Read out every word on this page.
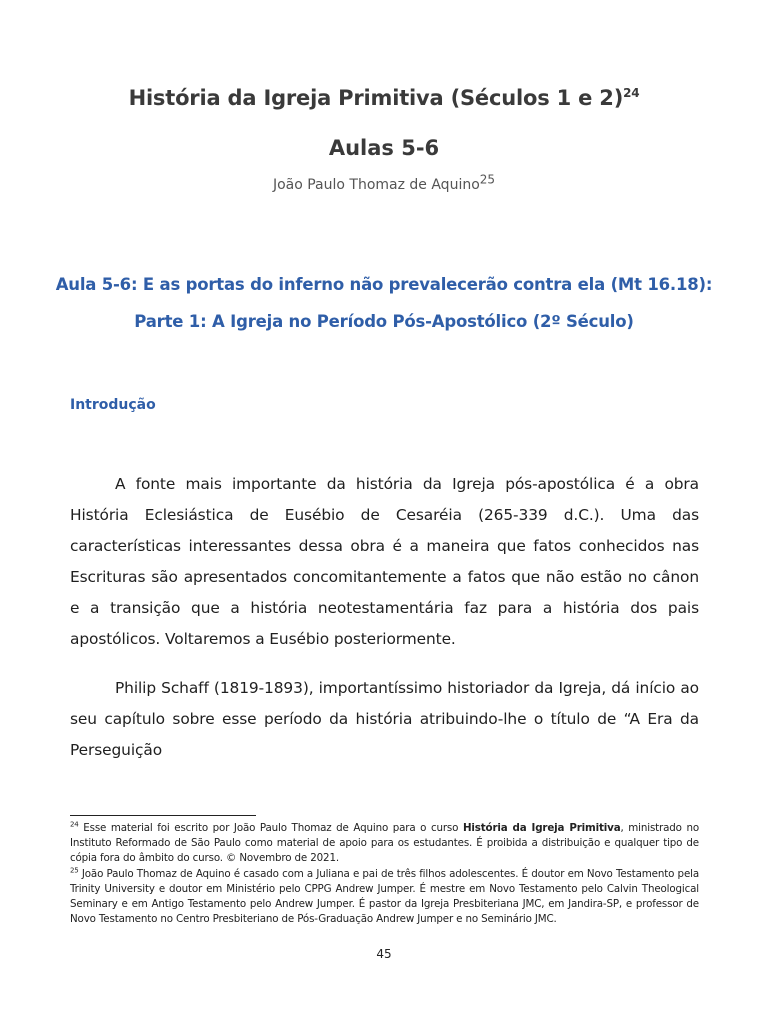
História da Igreja Primitiva (Séculos 1 e 2)$^{24}$
Aulas 5-6
João Paulo Thomaz de Aquino$^{25}$
Aula 5-6: E as portas do inferno não prevalecerão contra ela (Mt 16.18):
Parte 1: A Igreja no Período Pós-Apostólico (2º Século)
Introdução
A fonte mais importante da história da Igreja pós-apostólica é a obra História Eclesiástica de Eusébio de Cesaréia (265-339 d.C.). Uma das características interessantes dessa obra é a maneira que fatos conhecidos nas Escrituras são apresentados concomitantemente a fatos que não estão no cânon e a transição que a história neotestamentária faz para a história dos pais apostólicos. Voltaremos a Eusébio posteriormente.
Philip Schaff (1819-1893), importantíssimo historiador da Igreja, dá início ao seu capítulo sobre esse período da história atribuindo-lhe o título de “A Era da Perseguição

$^{24}$ Esse material foi escrito por João Paulo Thomaz de Aquino para o curso História da Igreja Primitiva, ministrado no Instituto Reformado de São Paulo como material de apoio para os estudantes. É proibida a distribuição e qualquer tipo de cópia fora do âmbito do curso. © Novembro de 2021.

$^{25}$ João Paulo Thomaz de Aquino é casado com a Juliana e pai de três filhos adolescentes. É doutor em Novo Testamento pela Trinity University e doutor em Ministério pelo CPPG Andrew Jumper. É mestre em Novo Testamento pelo Calvin Theological Seminary e em Antigo Testamento pelo Andrew Jumper. É pastor da Igreja Presbiteriana JMC, em Jandira-SP, e professor de Novo Testamento no Centro Presbiteriano de Pós-Graduação Andrew Jumper e no Seminário JMC.

45
